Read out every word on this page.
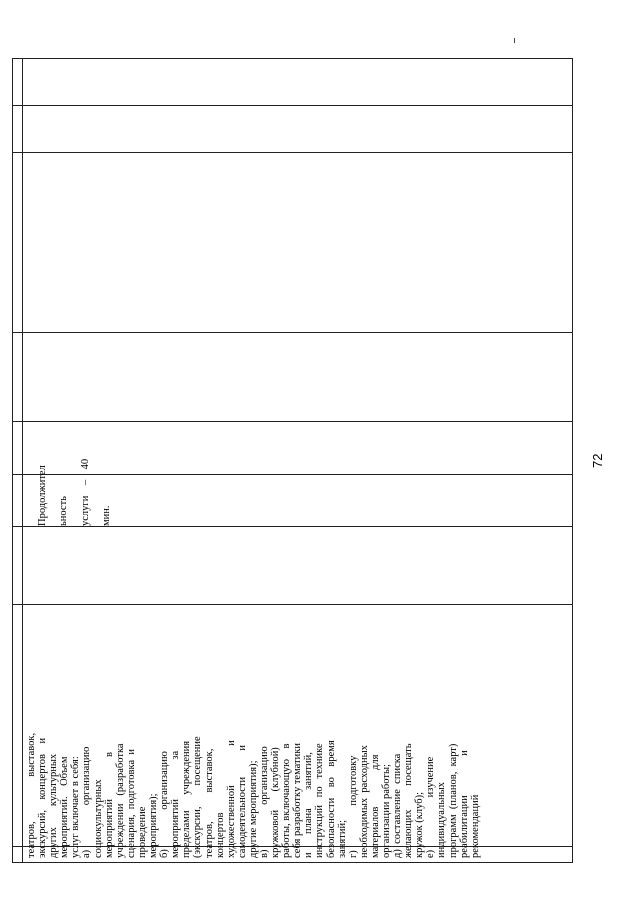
театров,                 выставок, экскурсий,    концертов    и других        культурных мероприятий.    Объем услуг включает в себя: а)                 организацию социокультурных мероприятий                в учреждении   (разработка сценария,  подготовка  и проведение мероприятия); б)               организацию мероприятий               за пределами      учреждения (экскурсии,        посещение театров,           выставок, концертов художественной               и самодеятельности          и другие мероприятия); в)                 организацию кружковой       (клубной) работы, включающую    в себя разработку тематики и       плана       занятий, инструкций   по   технике безопасности    во    время занятий; г)                 подготовку необходимых  расходных материалов              для организации работы; д)  составление  списка желающих         посещать кружок (клуб); е)                    изучение индивидуальных программ  (планов,  карт) реабилитации               и рекомендаций

Продолжител ьность услуги    –    40 мин.

72
